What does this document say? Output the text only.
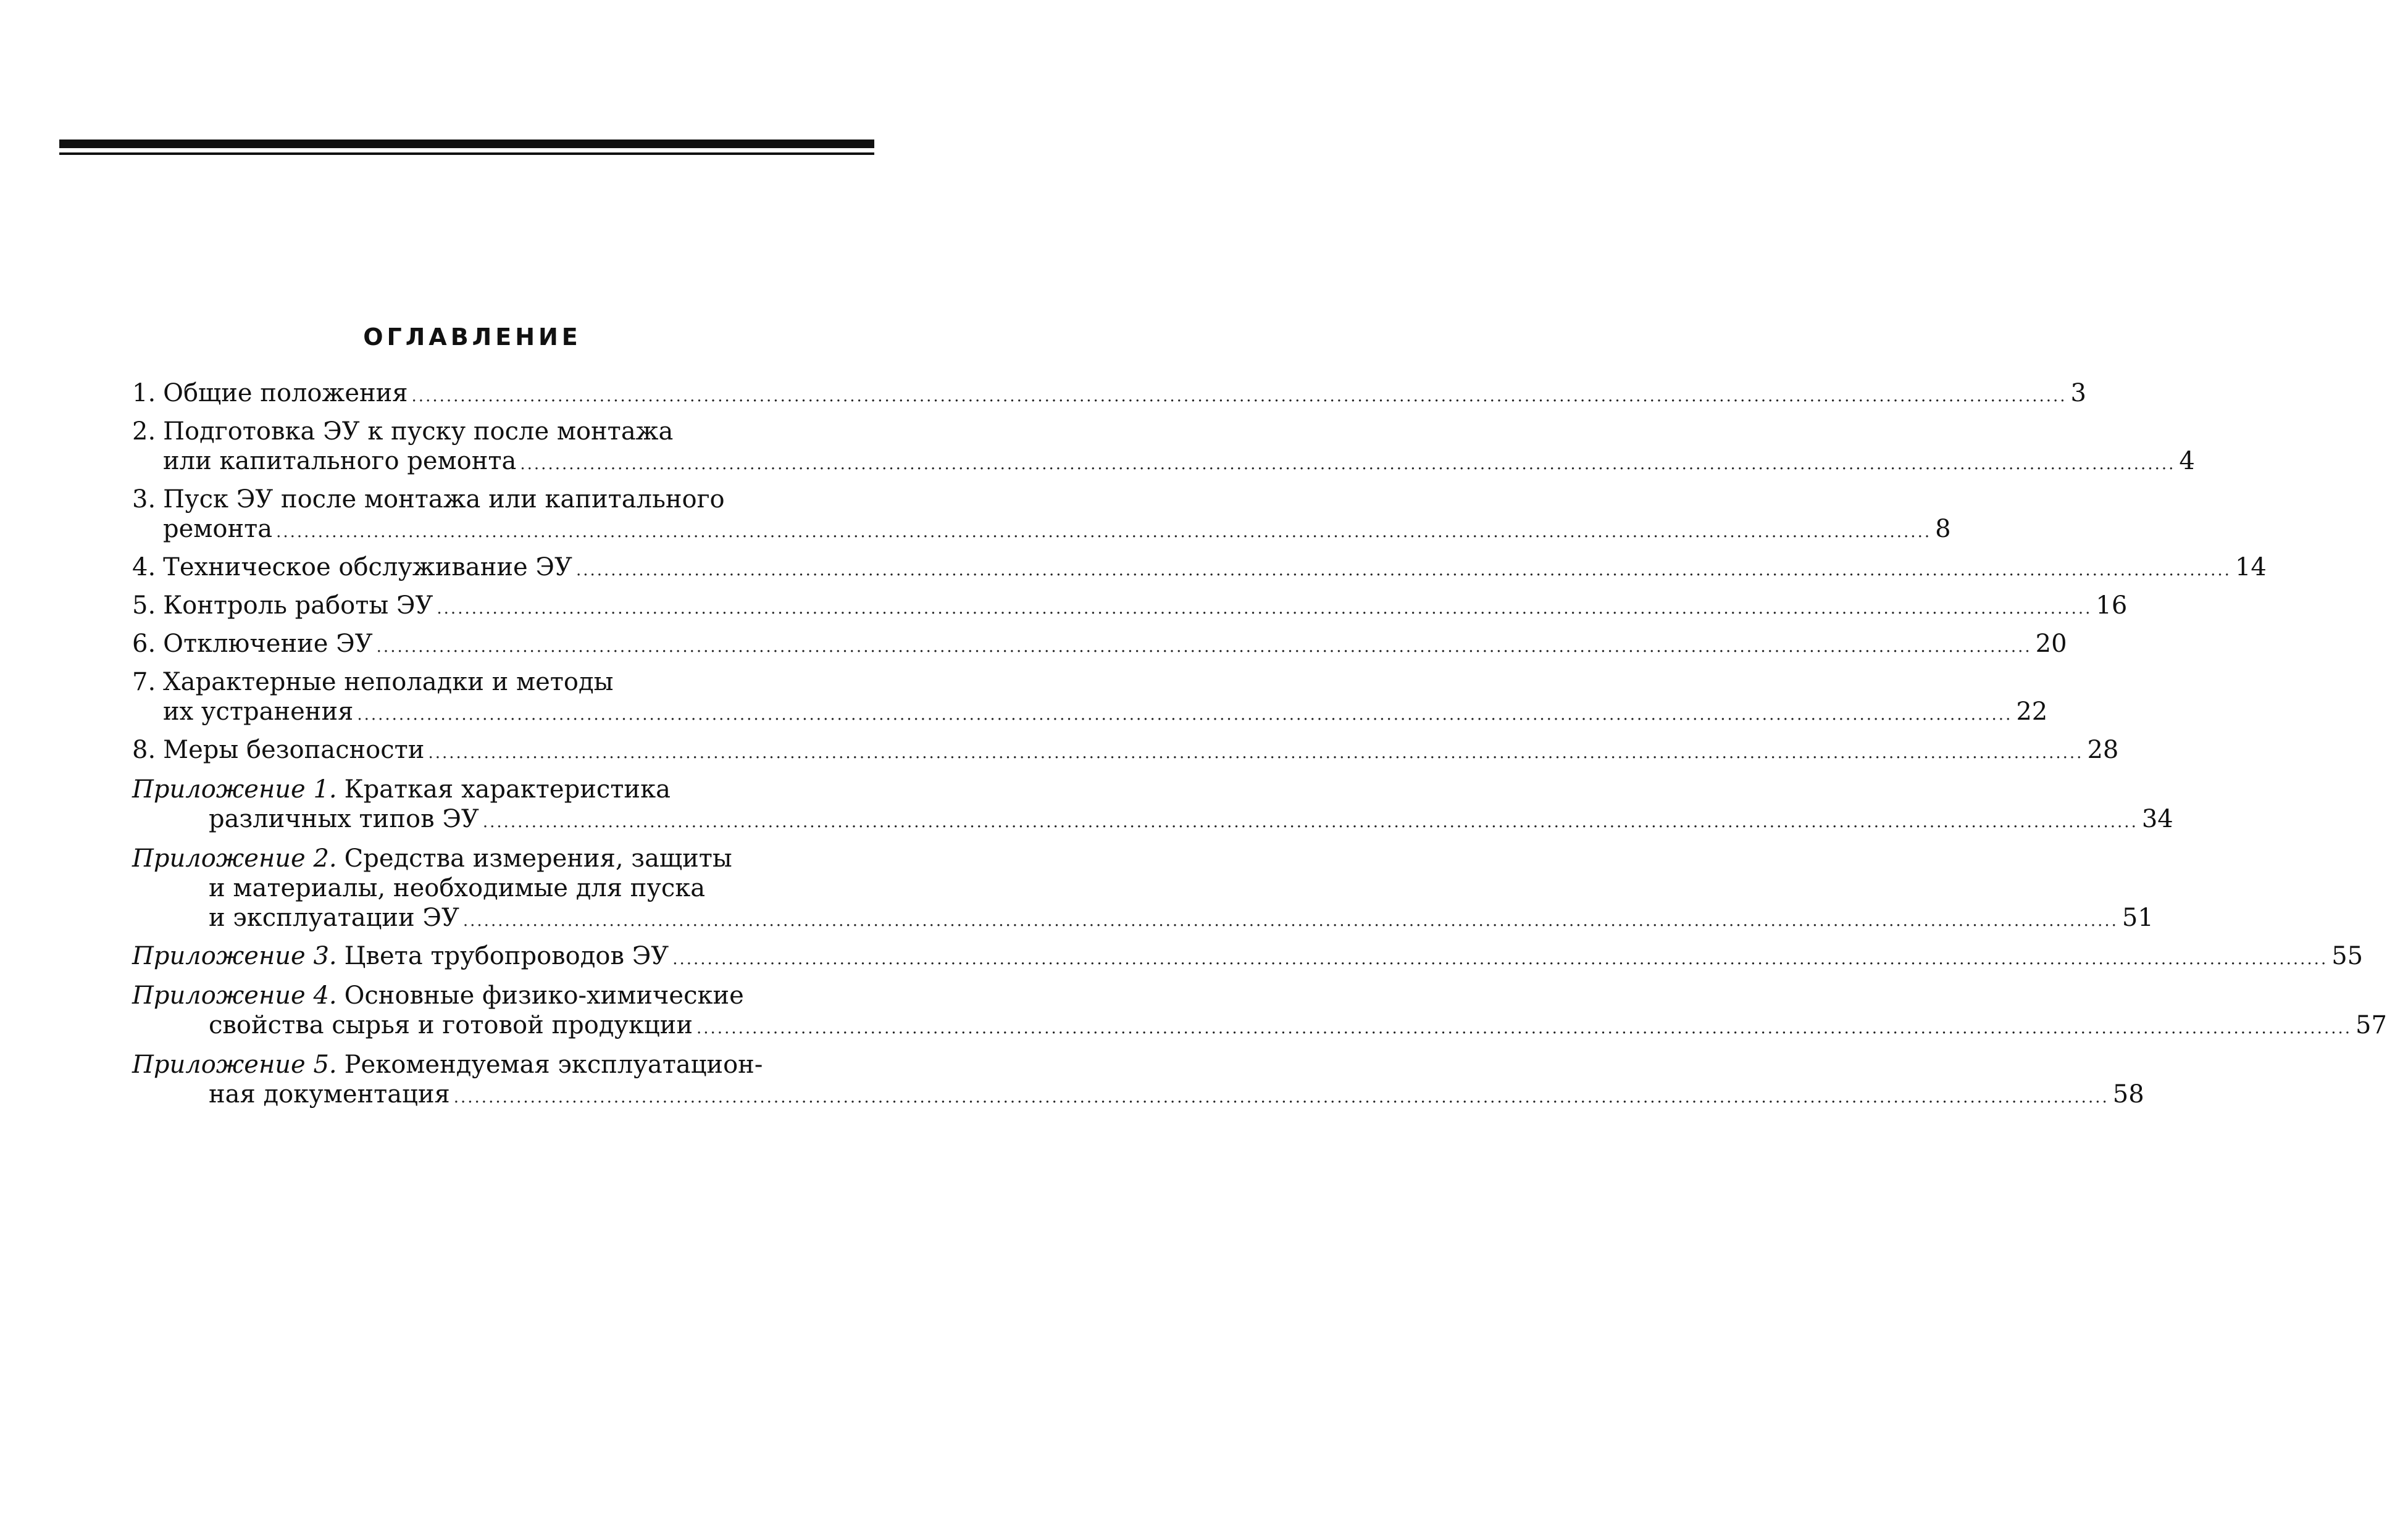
ОГЛАВЛЕНИЕ
1. Общие положения .............................................................................................................................................................................................................................................. 3
2. Подготовка ЭУ к пуску после монтажа
или капитального ремонта .............................................................................................................................................................................................................................................. 4
3. Пуск ЭУ после монтажа или капитального
ремонта .............................................................................................................................................................................................................................................. 8
4. Техническое обслуживание ЭУ .............................................................................................................................................................................................................................................. 14
5. Контроль работы ЭУ .............................................................................................................................................................................................................................................. 16
6. Отключение ЭУ .............................................................................................................................................................................................................................................. 20
7. Характерные неполадки и методы
их устранения .............................................................................................................................................................................................................................................. 22
8. Меры безопасности .............................................................................................................................................................................................................................................. 28
Приложение 1. Краткая характеристика
различных типов ЭУ .............................................................................................................................................................................................................................................. 34
Приложение 2. Средства измерения, защиты
и материалы, необходимые для пуска
и эксплуатации ЭУ .............................................................................................................................................................................................................................................. 51
Приложение 3. Цвета трубопроводов ЭУ .............................................................................................................................................................................................................................................. 55
Приложение 4. Основные физико-химические
свойства сырья и готовой продукции .............................................................................................................................................................................................................................................. 57
Приложение 5. Рекомендуемая эксплуатацион-
ная документация .............................................................................................................................................................................................................................................. 58
